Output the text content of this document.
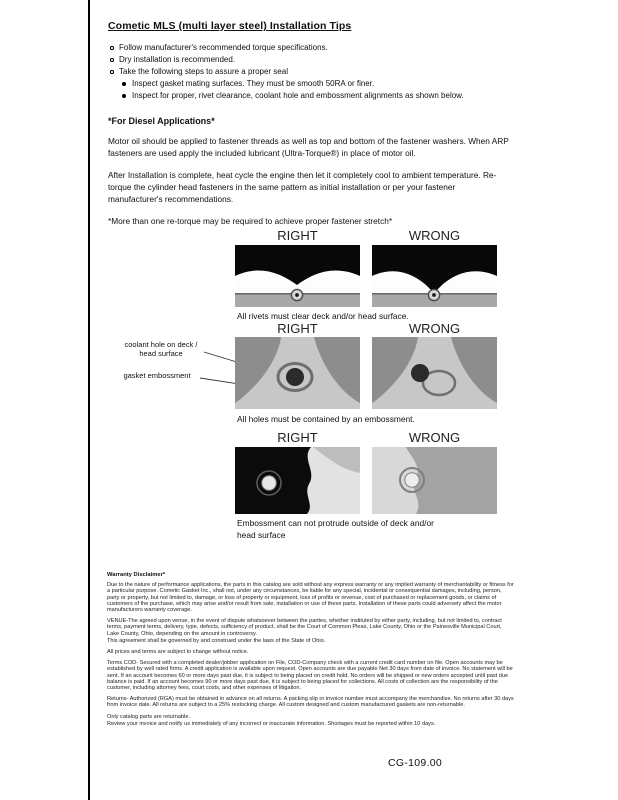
Cometic MLS (multi layer steel) Installation Tips
Follow manufacturer's recommended torque specifications.
Dry installation is recommended.
Take the following steps to assure a proper seal
Inspect gasket mating surfaces. They must be smooth 50RA or finer.
Inspect for proper, rivet clearance, coolant hole and embossment alignments as shown below.
*For Diesel Applications*

Motor oil should be applied to fastener threads as well as top and bottom of the fastener washers. When ARP fasteners are used apply the included lubricant (Ultra-Torque®) in place of motor oil.

After Installation is complete, heat cycle the engine then let it completely cool to ambient temperature. Re-torque the cylinder head fasteners in the same pattern as initial installation or per your fastener manufacturer's recommendations.

*More than one re-torque may be required to achieve proper fastener stretch*

RIGHT	WRONG
All rivets must clear deck and/or head surface.
RIGHT	WRONG
coolant hole on deck / head surface
gasket embossment
All holes must be contained by an embossment.
RIGHT	WRONG
Embossment can not protrude outside of deck and/or head surface
Warranty Disclaimer*

Due to the nature of performance applications, the parts in this catalog are sold without any express warranty or any implied warranty of merchantability or fitness for a particular purpose. Cometic Gasket Inc., shall not, under any circumstances, be liable for any special, incidental or consequential damages, including, person, party or property, but not limited to, damage, or loss of property or equipment, loss of profits or revenue, cost of purchased or replacement goods, or claims of customers of the purchase, which may arise and/or result from sale, installation or use of these parts. Installation of these parts could adversely affect the motor manufacturers warranty coverage.

VENUE-The agreed upon venue, in the event of dispute whatsoever between the parties, whether instituted by either party, including, but not limited to, contract terms, payment terms, delivery, type, defects, sufficiency of product, shall be the Court of Common Pleas, Lake County, Ohio or the Painesville Municipal Court, Lake County, Ohio, depending on the amount in controversy.

This agreement shall be governed by and construed under the laws of the State of Ohio.

All prices and terms are subject to change without notice.

Terms COD- Secured with a completed dealer/jobber application on File, COD-Company check with a current credit card number on file. Open accounts may be established by well rated firms. A credit application is available upon request. Open accounts are due payable Net 30 days from date of invoice. No statement will be sent. If an account becomes 60 or more days past due, it is subject to being placed on credit hold. No orders will be shipped or new orders accepted until past due balance is paid. If an account becomes 90 or more days past due, it is subject to being placed for collections. All costs of collection are the responsibility of the customer, including attorney fees, court costs, and other expenses of litigation.

Returns- Authorized (RGA) must be obtained in advance on all returns. A packing slip or invoice number must accompany the merchandise. No returns after 30 days from invoice date. All returns are subject to a 25% restocking charge. All custom designed and custom manufactured gaskets are non-returnable.

Only catalog parts are returnable.

Review your invoice and notify us immediately of any incorrect or inaccurate information. Shortages must be reported within 10 days.

CG-109.00
